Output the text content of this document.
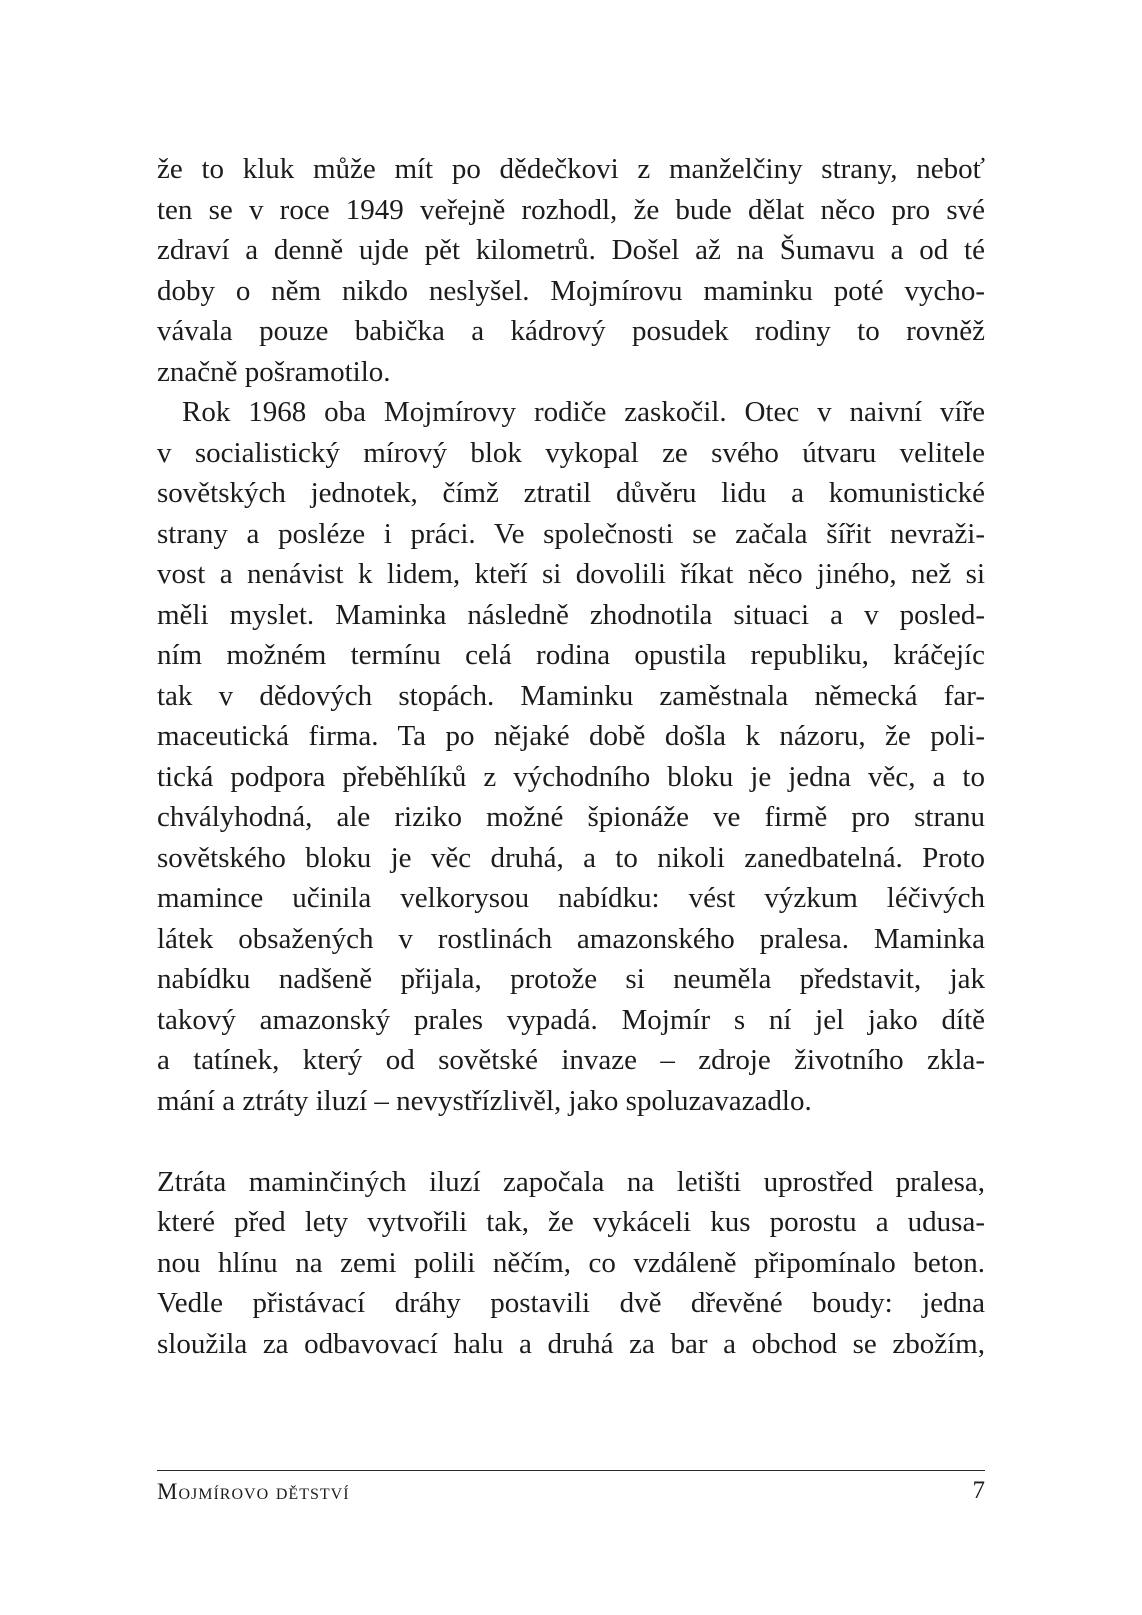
že to kluk může mít po dědečkovi z manželčiny strany, neboť
ten se v roce 1949 veřejně rozhodl, že bude dělat něco pro své
zdraví a denně ujde pět kilometrů. Došel až na Šumavu a od té
doby o něm nikdo neslyšel. Mojmírovu maminku poté vycho-
vávala pouze babička a kádrový posudek rodiny to rovněž
značně pošramotilo.
Rok 1968 oba Mojmírovy rodiče zaskočil. Otec v naivní víře
v socialistický mírový blok vykopal ze svého útvaru velitele
sovětských jednotek, čímž ztratil důvěru lidu a komunistické
strany a posléze i práci. Ve společnosti se začala šířit nevraži-
vost a nenávist k lidem, kteří si dovolili říkat něco jiného, než si
měli myslet. Maminka následně zhodnotila situaci a v posled-
ním možném termínu celá rodina opustila republiku, kráčejíc
tak v dědových stopách. Maminku zaměstnala německá far-
maceutická firma. Ta po nějaké době došla k názoru, že poli-
tická podpora přeběhlíků z východního bloku je jedna věc, a to
chvályhodná, ale riziko možné špionáže ve firmě pro stranu
sovětského bloku je věc druhá, a to nikoli zanedbatelná. Proto
mamince učinila velkorysou nabídku: vést výzkum léčivých
látek obsažených v rostlinách amazonského pralesa. Maminka
nabídku nadšeně přijala, protože si neuměla představit, jak
takový amazonský prales vypadá. Mojmír s ní jel jako dítě
a tatínek, který od sovětské invaze – zdroje životního zkla-
mání a ztráty iluzí – nevystřízlivěl, jako spoluzavazadlo.
Ztráta maminčiných iluzí započala na letišti uprostřed pralesa,
které před lety vytvořili tak, že vykáceli kus porostu a udusa-
nou hlínu na zemi polili něčím, co vzdáleně připomínalo beton.
Vedle přistávací dráhy postavili dvě dřevěné boudy: jedna
sloužila za odbavovací halu a druhá za bar a obchod se zbožím,
Mojmírovo dětství	7
